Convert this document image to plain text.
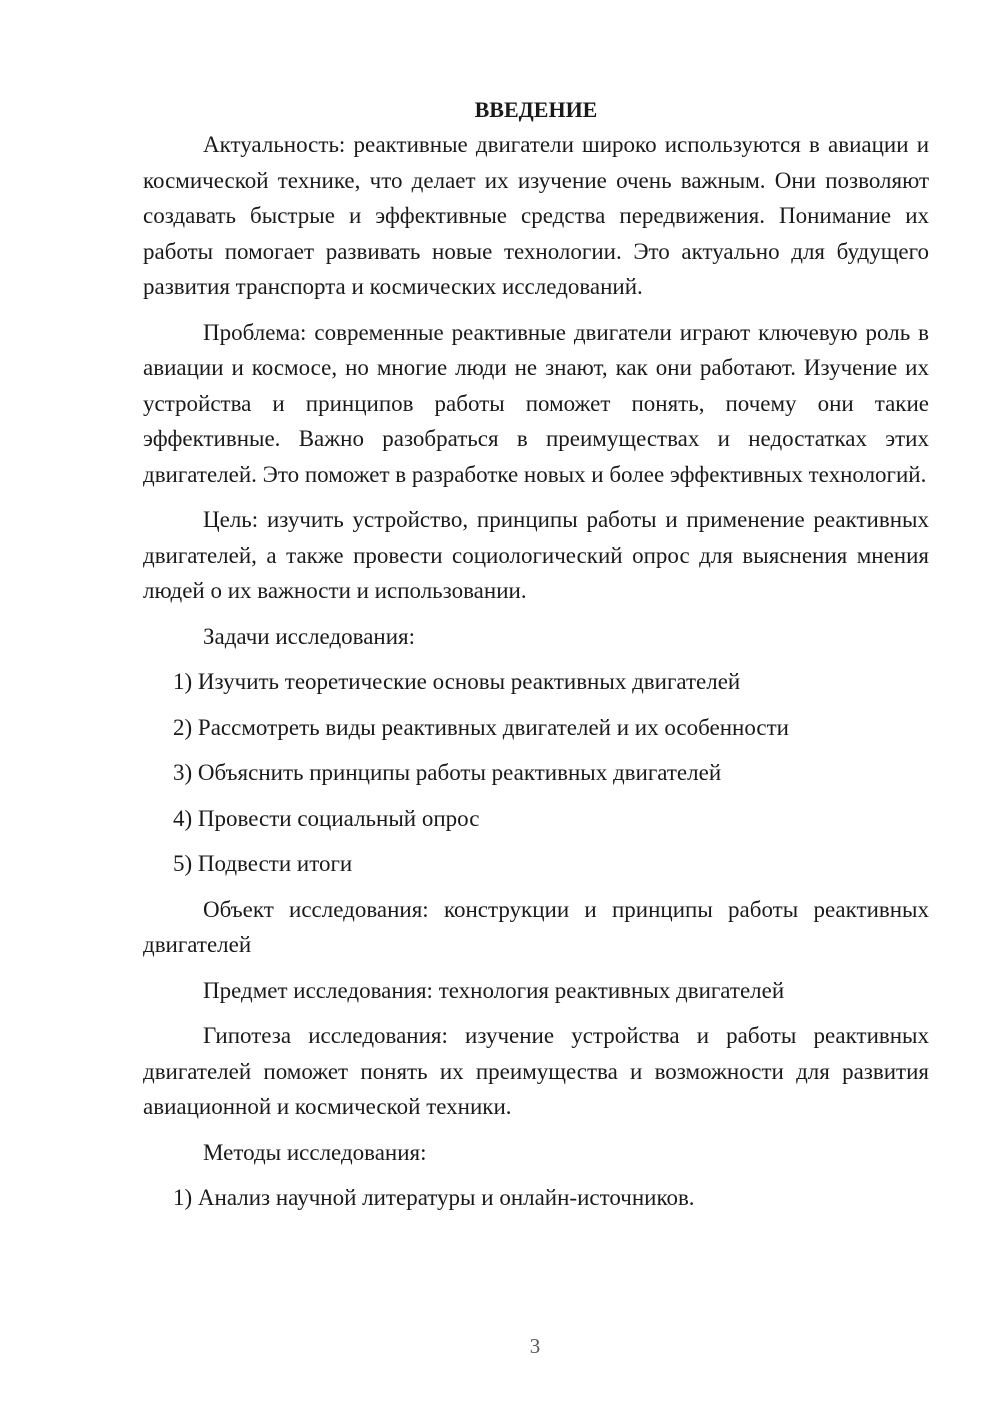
ВВЕДЕНИЕ
Актуальность: реактивные двигатели широко используются в авиации и космической технике, что делает их изучение очень важным. Они позволяют создавать быстрые и эффективные средства передвижения. Понимание их работы помогает развивать новые технологии. Это актуально для будущего развития транспорта и космических исследований.
Проблема: современные реактивные двигатели играют ключевую роль в авиации и космосе, но многие люди не знают, как они работают. Изучение их устройства и принципов работы поможет понять, почему они такие эффективные. Важно разобраться в преимуществах и недостатках этих двигателей. Это поможет в разработке новых и более эффективных технологий.
Цель: изучить устройство, принципы работы и применение реактивных двигателей, а также провести социологический опрос для выяснения мнения людей о их важности и использовании.
Задачи исследования:
1) Изучить теоретические основы реактивных двигателей
2) Рассмотреть виды реактивных двигателей и их особенности
3) Объяснить принципы работы реактивных двигателей
4) Провести социальный опрос
5) Подвести итоги
Объект исследования: конструкции и принципы работы реактивных двигателей
Предмет исследования: технология реактивных двигателей
Гипотеза исследования: изучение устройства и работы реактивных двигателей поможет понять их преимущества и возможности для развития авиационной и космической техники.
Методы исследования:
1) Анализ научной литературы и онлайн-источников.
3
